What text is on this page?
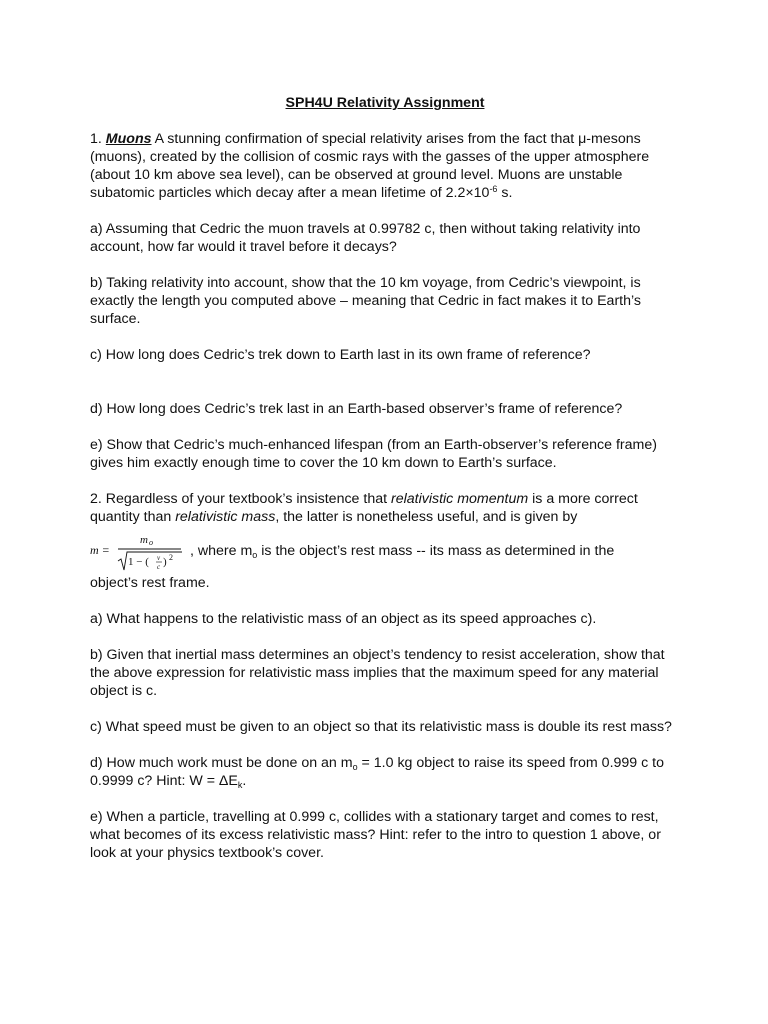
SPH4U Relativity Assignment

1. Muons A stunning confirmation of special relativity arises from the fact that μ-mesons (muons), created by the collision of cosmic rays with the gasses of the upper atmosphere (about 10 km above sea level), can be observed at ground level. Muons are unstable subatomic particles which decay after a mean lifetime of $2.2\times 10^{-6}$ s.

a) Assuming that Cedric the muon travels at 0.99782 c, then without taking relativity into account, how far would it travel before it decays?

b) Taking relativity into account, show that the 10 km voyage, from Cedric’s viewpoint, is exactly the length you computed above – meaning that Cedric in fact makes it to Earth’s surface.

c) How long does Cedric’s trek down to Earth last in its own frame of reference?

d) How long does Cedric’s trek last in an Earth-based observer’s frame of reference?

e) Show that Cedric’s much-enhanced lifespan (from an Earth-observer’s reference frame) gives him exactly enough time to cover the 10 km down to Earth’s surface.

2. Regardless of your textbook’s insistence that relativistic momentum is a more correct quantity than relativistic mass, the latter is nonetheless useful, and is given by

m =
m o
1 − ( v
c ) 2 , where $m_o$ is the object’s rest mass -- its mass as determined in the

object’s rest frame.

a) What happens to the relativistic mass of an object as its speed approaches c).

b) Given that inertial mass determines an object’s tendency to resist acceleration, show that the above expression for relativistic mass implies that the maximum speed for any material object is c.

c) What speed must be given to an object so that its relativistic mass is double its rest mass?

d) How much work must be done on an $m_o = 1.0$ kg object to raise its speed from 0.999 c to 0.9999 c? Hint: $W = \Delta E_k$.

e) When a particle, travelling at 0.999 c, collides with a stationary target and comes to rest, what becomes of its excess relativistic mass? Hint: refer to the intro to question 1 above, or look at your physics textbook’s cover.
